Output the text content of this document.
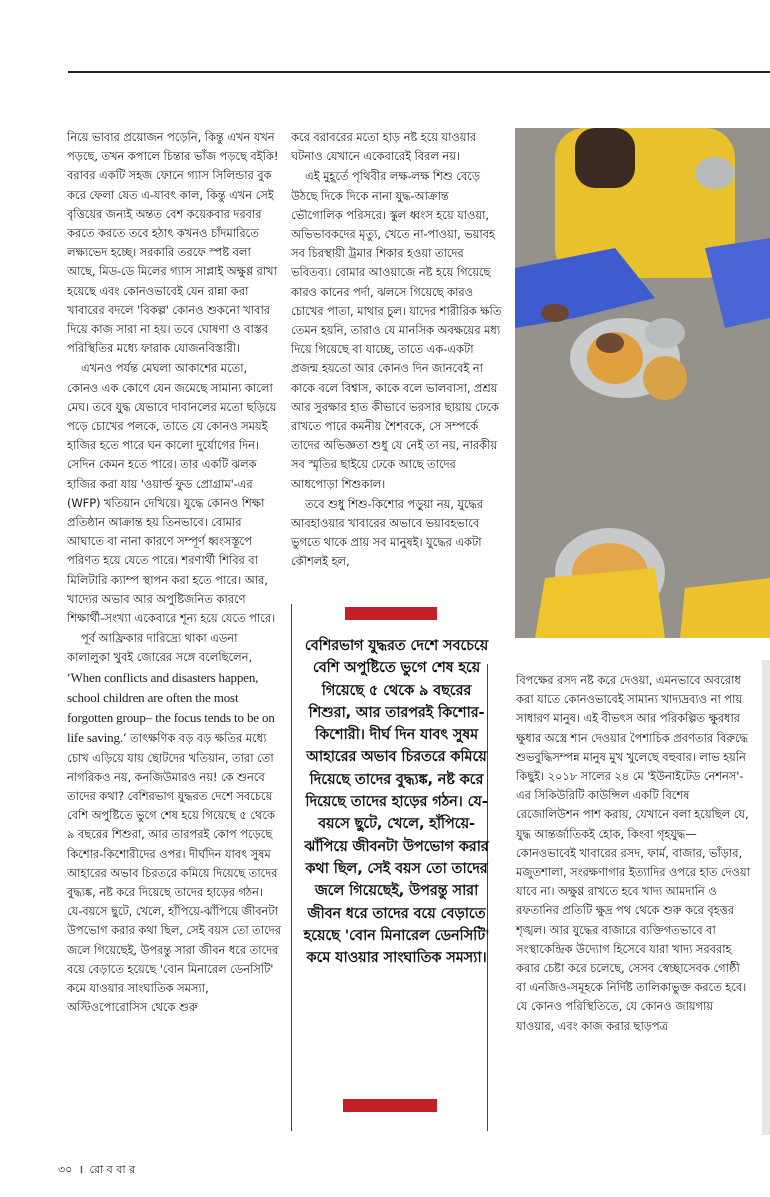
নিয়ে ভাবার প্রয়োজন পড়েনি, কিন্তু এখন যখন পড়ছে, তখন কপালে চিন্তার ভাঁজ পড়ছে বইকি! বরাবর একটি সহজ ফোনে গ্যাস সিলিন্ডার বুক করে ফেলা যেত এ-যাবৎ কাল, কিন্তু এখন সেই বৃত্তিয়ের জন্যই অন্তত বেশ কয়েকবার দরবার করতে করতে তবে হঠাৎ কখনও চাঁদমারিতে লক্ষ্যভেদ হচ্ছে। সরকারি তরফে স্পষ্ট বলা আছে, মিড-ডে মিলের গ্যাস সাপ্লাই অক্ষুণ্ণ রাখা হয়েছে এবং কোনওভাবেই যেন রান্না করা খাবারের বদলে 'বিকল্প' কোনও শুকনো খাবার দিয়ে কাজ সারা না হয়। তবে ঘোষণা ও বাস্তব পরিস্থিতির মধ্যে ফারাক যোজনবিস্তারী।

এখনও পর্যন্ত মেঘলা আকাশের মতো, কোনও এক কোণে যেন জমেছে সামান্য কালো মেঘ। তবে যুদ্ধ যেভাবে দাবানলের মতো ছড়িয়ে পড়ে চোখের পলকে, তাতে যে কোনও সময়ই হাজির হতে পারে ঘন কালো দুর্যোগের দিন। সেদিন কেমন হতে পারে। তার একটি ঝলক হাজির করা যায় 'ওয়ার্ল্ড ফুড প্রোগ্রাম'-এর (WFP) খতিয়ান দেখিয়ে। যুদ্ধে কোনও শিক্ষা প্রতিষ্ঠান আক্রান্ত হয় তিনভাবে। বোমার আঘাতে বা নানা কারণে সম্পূর্ণ ধ্বংসস্তূপে পরিণত হয়ে যেতে পারে। শরণার্থী শিবির বা মিলিটারি ক্যাম্প স্থাপন করা হতে পারে। আর, খাদ্যের অভাব আর অপুষ্টিজনিত কারণে শিক্ষার্থী-সংখ্যা একেবারে শূন্য হয়ে যেতে পারে।

পূর্ব আফ্রিকার দারিদ্র্যে থাকা এডনা কালালুকা খুবই জোরের সঙ্গে বলেছিলেন, ‘When conflicts and disasters happen, school children are often the most forgotten group– the focus tends to be on life saving.’ তাৎক্ষণিক বড় বড় ক্ষতির মধ্যে চোখ এড়িয়ে যায় ছোটদের খতিয়ান, তারা তো নাগরিকও নয়, কনজিউমারও নয়! কে শুনবে তাদের কথা? বেশিরভাগ যুদ্ধরত দেশে সবচেয়ে বেশি অপুষ্টিতে ভুগে শেষ হয়ে গিয়েছে ৫ থেকে ৯ বছরের শিশুরা, আর তারপরই কোপ পড়েছে কিশোর-কিশোরীদের ওপর। দীর্ঘদিন যাবৎ সুষম আহারের অভাব চিরতরে কমিয়ে দিয়েছে তাদের বুদ্ধ্যঙ্ক, নষ্ট করে দিয়েছে তাদের হাড়ের গঠন। যে-বয়সে ছুটে, খেলে, হাঁপিয়ে-ঝাঁপিয়ে জীবনটা উপভোগ করার কথা ছিল, সেই বয়স তো তাদের জলে গিয়েছেই, উপরন্তু সারা জীবন ধরে তাদের বয়ে বেড়াতে হয়েছে 'বোন মিনারেল ডেনসিটি' কমে যাওয়ার সাংঘাতিক সমস্যা, অস্টিওপোরোসিস থেকে শুরু

করে বরাবরের মতো হাড় নষ্ট হয়ে যাওয়ার ঘটনাও যেখানে একেবারেই বিরল নয়।

এই মুহূর্তে পৃথিবীর লক্ষ-লক্ষ শিশু বেড়ে উঠছে দিকে দিকে নানা যুদ্ধ-আক্রান্ত ভৌগোলিক পরিসরে। স্কুল ধ্বংস হয়ে যাওয়া, অভিভাবকদের মৃত্যু, খেতে না-পাওয়া, ভয়াবহ সব চিরস্থায়ী ট্রমার শিকার হওয়া তাদের ভবিতব্য। বোমার আওয়াজে নষ্ট হয়ে গিয়েছে কারও কানের পর্দা, ঝলসে গিয়েছে কারও চোখের পাতা, মাথার চুল। যাদের শারীরিক ক্ষতি তেমন হয়নি, তারাও যে মানসিক অবক্ষয়ের মধ্য দিয়ে গিয়েছে বা যাচ্ছে, তাতে এক-একটা প্রজন্ম হয়তো আর কোনও দিন জানবেই না কাকে বলে বিশ্বাস, কাকে বলে ভালবাসা, প্রশ্রয় আর সুরক্ষার হাত কীভাবে ভরসার ছায়ায় ঢেকে রাখতে পারে কমনীয় শৈশবকে, সে সম্পর্কে তাদের অভিজ্ঞতা শুধু যে নেই তা নয়, নারকীয় সব স্মৃতির ছাইয়ে ঢেকে আছে তাদের আধপোড়া শিশুকাল।

তবে শুধু শিশু-কিশোর পড়ুয়া নয়, যুদ্ধের আবহাওয়ার খাবারের অভাবে ভয়াবহভাবে ভুগতে থাকে প্রায় সব মানুষই। যুদ্ধের একটা কৌশলই হল,

বেশিরভাগ যুদ্ধরত দেশে সবচেয়ে বেশি অপুষ্টিতে ভুগে শেষ হয়ে গিয়েছে ৫ থেকে ৯ বছরের শিশুরা, আর তারপরই কিশোর-কিশোরী। দীর্ঘ দিন যাবৎ সুষম আহারের অভাব চিরতরে কমিয়ে দিয়েছে তাদের বুদ্ধ্যঙ্ক, নষ্ট করে দিয়েছে তাদের হাড়ের গঠন। যে-বয়সে ছুটে, খেলে, হাঁপিয়ে-ঝাঁপিয়ে জীবনটা উপভোগ করার কথা ছিল, সেই বয়স তো তাদের জলে গিয়েছেই, উপরন্তু সারা জীবন ধরে তাদের বয়ে বেড়াতে হয়েছে 'বোন মিনারেল ডেনসিটি' কমে যাওয়ার সাংঘাতিক সমস্যা।

বিপক্ষের রসদ নষ্ট করে দেওয়া, এমনভাবে অবরোধ করা যাতে কোনওভাবেই সামান্য খাদ্যদ্রব্যও না পায় সাধারণ মানুষ। এই বীভৎস আর পরিকল্পিত ক্ষুরধার ক্ষুধার অস্ত্রে শান দেওয়ার পৈশাচিক প্রবণতার বিরুদ্ধে শুভবুদ্ধিসম্পন্ন মানুষ মুখ খুলেছে বহুবার। লাভ হয়নি কিছুই। ২০১৮ সালের ২৪ মে 'ইউনাইটেড নেশনস'-এর সিকিউরিটি কাউন্সিল একটি বিশেষ রেজোলিউশন পাশ করায়, যেখানে বলা হয়েছিল যে, যুদ্ধ আন্তর্জাতিকই হোক, কিংবা গৃহযুদ্ধ— কোনওভাবেই খাবারের রসদ, ফার্ম, বাজার, ভাঁড়ার, মজুতশালা, সংরক্ষণাগার ইত্যাদির ওপরে হাত দেওয়া যাবে না। অক্ষুণ্ণ রাখতে হবে খাদ্য আমদানি ও রফতানির প্রতিটি ক্ষুদ্র পথ থেকে শুরু করে বৃহত্তর শৃঙ্খল। আর যুদ্ধের বাজারে ব্যক্তিগতভাবে বা সংস্থাকেন্দ্রিক উদ্যোগ হিসেবে যারা খাদ্য সরবরাহ করার চেষ্টা করে চলেছে, সেসব স্বেচ্ছাসেবক গোষ্ঠী বা এনজিও-সমূহকে নির্দিষ্ট তালিকাভুক্ত করতে হবে। যে কোনও পরিস্থিতিতে, যে কোনও জায়গায় যাওয়ার, এবং কাজ করার ছাড়পত্র

৩০ । রো ব বা র
